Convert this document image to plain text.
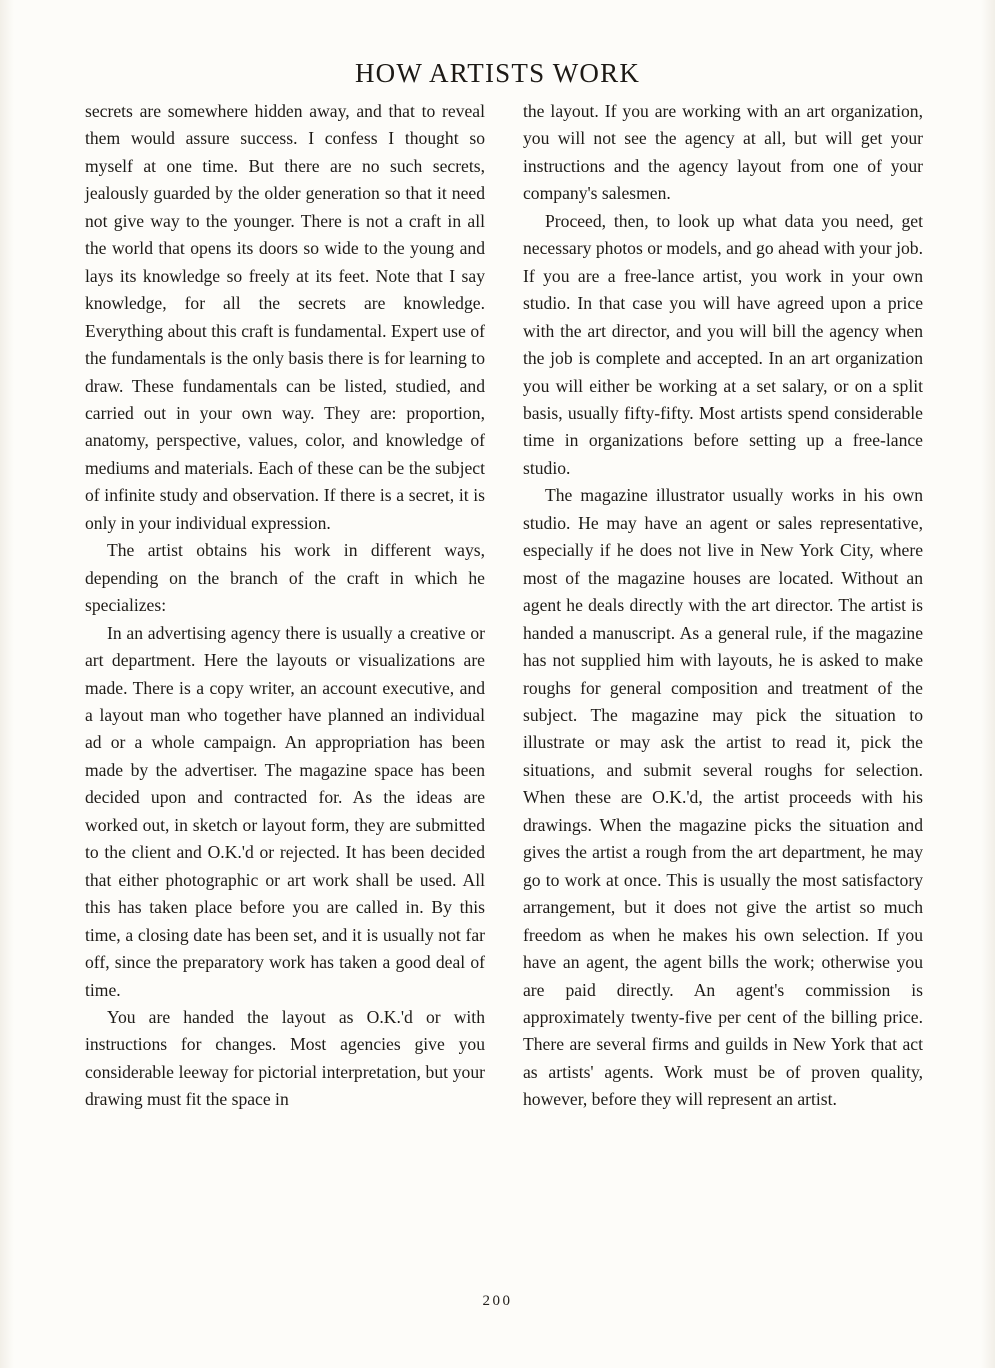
HOW ARTISTS WORK

secrets are somewhere hidden away, and that to reveal them would assure success. I confess I thought so myself at one time. But there are no such secrets, jealously guarded by the older generation so that it need not give way to the younger. There is not a craft in all the world that opens its doors so wide to the young and lays its knowledge so freely at its feet. Note that I say knowledge, for all the secrets are knowledge. Everything about this craft is fundamental. Expert use of the fundamentals is the only basis there is for learning to draw. These fundamentals can be listed, studied, and carried out in your own way. They are: proportion, anatomy, perspective, values, color, and knowledge of mediums and materials. Each of these can be the subject of infinite study and observation. If there is a secret, it is only in your individual expression.

The artist obtains his work in different ways, depending on the branch of the craft in which he specializes:

In an advertising agency there is usually a creative or art department. Here the layouts or visualizations are made. There is a copy writer, an account executive, and a layout man who together have planned an individual ad or a whole campaign. An appropriation has been made by the advertiser. The magazine space has been decided upon and contracted for. As the ideas are worked out, in sketch or layout form, they are submitted to the client and O.K.'d or rejected. It has been decided that either photographic or art work shall be used. All this has taken place before you are called in. By this time, a closing date has been set, and it is usually not far off, since the preparatory work has taken a good deal of time.

You are handed the layout as O.K.'d or with instructions for changes. Most agencies give you considerable leeway for pictorial interpretation, but your drawing must fit the space in

the layout. If you are working with an art organization, you will not see the agency at all, but will get your instructions and the agency layout from one of your company's salesmen.

Proceed, then, to look up what data you need, get necessary photos or models, and go ahead with your job. If you are a free-lance artist, you work in your own studio. In that case you will have agreed upon a price with the art director, and you will bill the agency when the job is complete and accepted. In an art organization you will either be working at a set salary, or on a split basis, usually fifty-fifty. Most artists spend considerable time in organizations before setting up a free-lance studio.

The magazine illustrator usually works in his own studio. He may have an agent or sales representative, especially if he does not live in New York City, where most of the magazine houses are located. Without an agent he deals directly with the art director. The artist is handed a manuscript. As a general rule, if the magazine has not supplied him with layouts, he is asked to make roughs for general composition and treatment of the subject. The magazine may pick the situation to illustrate or may ask the artist to read it, pick the situations, and submit several roughs for selection. When these are O.K.'d, the artist proceeds with his drawings. When the magazine picks the situation and gives the artist a rough from the art department, he may go to work at once. This is usually the most satisfactory arrangement, but it does not give the artist so much freedom as when he makes his own selection. If you have an agent, the agent bills the work; otherwise you are paid directly. An agent's commission is approximately twenty-five per cent of the billing price. There are several firms and guilds in New York that act as artists' agents. Work must be of proven quality, however, before they will represent an artist.

200
